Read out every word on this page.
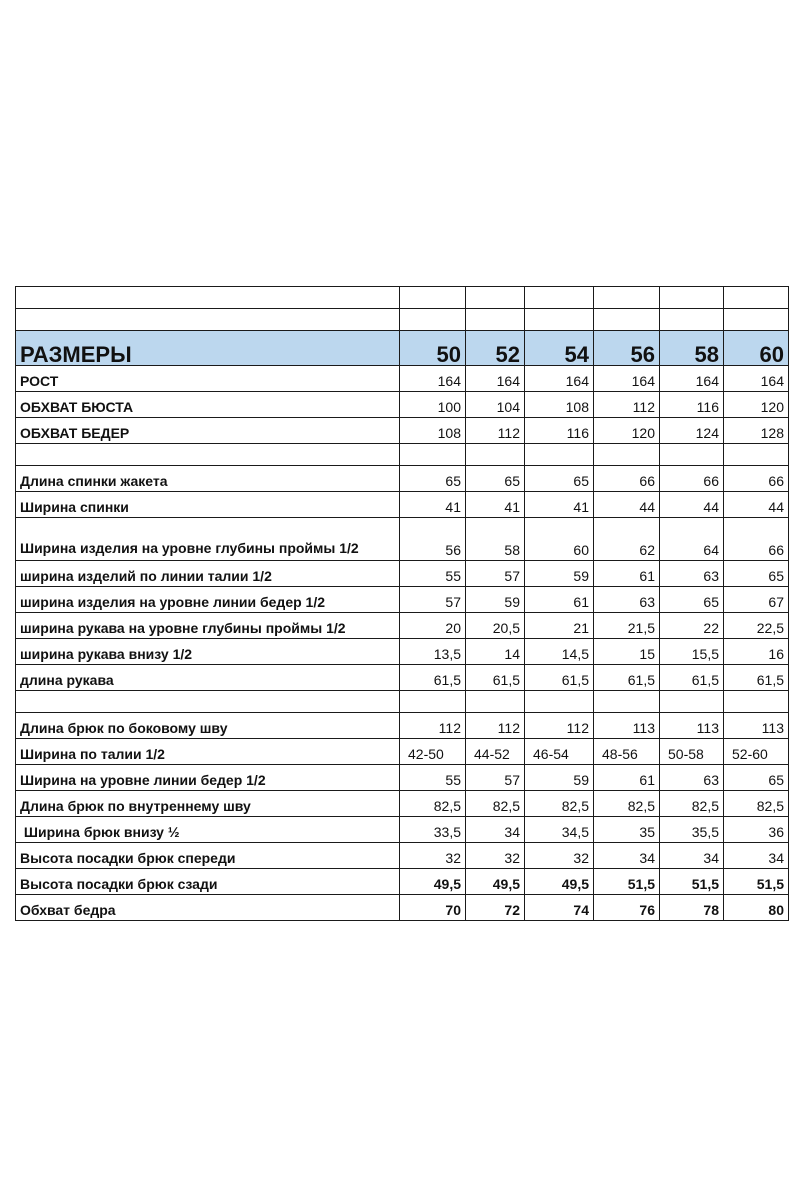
РАЗМЕРЫ	50	52	54	56	58	60
РОСТ	164	164	164	164	164	164
ОБХВАТ БЮСТА	100	104	108	112	116	120
ОБХВАТ БЕДЕР	108	112	116	120	124	128

Длина спинки жакета	65	65	65	66	66	66
Ширина спинки	41	41	41	44	44	44
Ширина изделия на уровне глубины проймы 1/2	56	58	60	62	64	66
ширина изделий по линии талии 1/2	55	57	59	61	63	65
ширина изделия на уровне линии бедер 1/2	57	59	61	63	65	67
ширина рукава на уровне глубины проймы 1/2	20	20,5	21	21,5	22	22,5
ширина рукава внизу 1/2	13,5	14	14,5	15	15,5	16
длина рукава	61,5	61,5	61,5	61,5	61,5	61,5

Длина брюк по боковому шву	112	112	112	113	113	113
Ширина по талии 1/2	42-50	44-52	46-54	48-56	50-58	52-60
Ширина на уровне линии бедер 1/2	55	57	59	61	63	65
Длина брюк по внутреннему шву	82,5	82,5	82,5	82,5	82,5	82,5
Ширина брюк внизу ½	33,5	34	34,5	35	35,5	36
Высота посадки брюк спереди	32	32	32	34	34	34
Высота посадки брюк сзади	49,5	49,5	49,5	51,5	51,5	51,5
Обхват бедра	70	72	74	76	78	80
